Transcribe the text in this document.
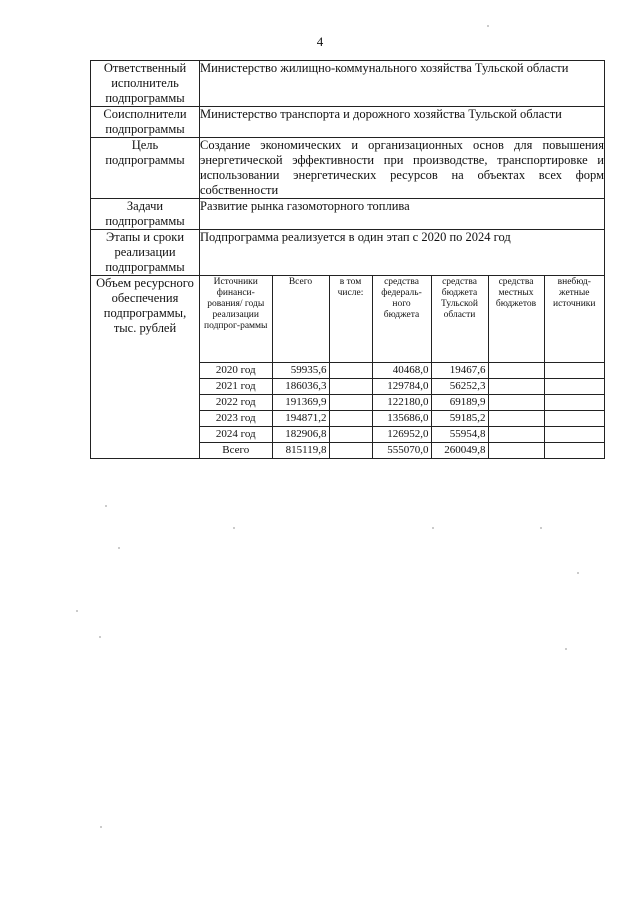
4
Ответственный исполнитель подпрограммы	Министерство жилищно-коммунального хозяйства Тульской области
Соисполнители подпрограммы	Министерство транспорта и дорожного хозяйства Тульской области
Цель подпрограммы	Создание экономических и организационных основ для повышения энергетической эффективности при производстве, транспортировке и использовании энергетических ресурсов на объектах всех форм собственности
Задачи подпрограммы	Развитие рынка газомоторного топлива
Этапы и сроки реализации подпрограммы	Подпрограмма реализуется в один этап с 2020 по 2024 год
Объем ресурсного обеспечения подпрограммы, тыс. рублей	
Источники финанси-рования/ годы реализации подпрог-раммы	Всего	в том числе:	средства федераль-ного бюджета	средства бюджета Тульской области	средства местных бюджетов	внебюд-жетные источники
2020 год	59935,6		40468,0	19467,6		
2021 год	186036,3		129784,0	56252,3		
2022 год	191369,9		122180,0	69189,9		
2023 год	194871,2		135686,0	59185,2		
2024 год	182906,8		126952,0	55954,8		
Всего	815119,8		555070,0	260049,8		
